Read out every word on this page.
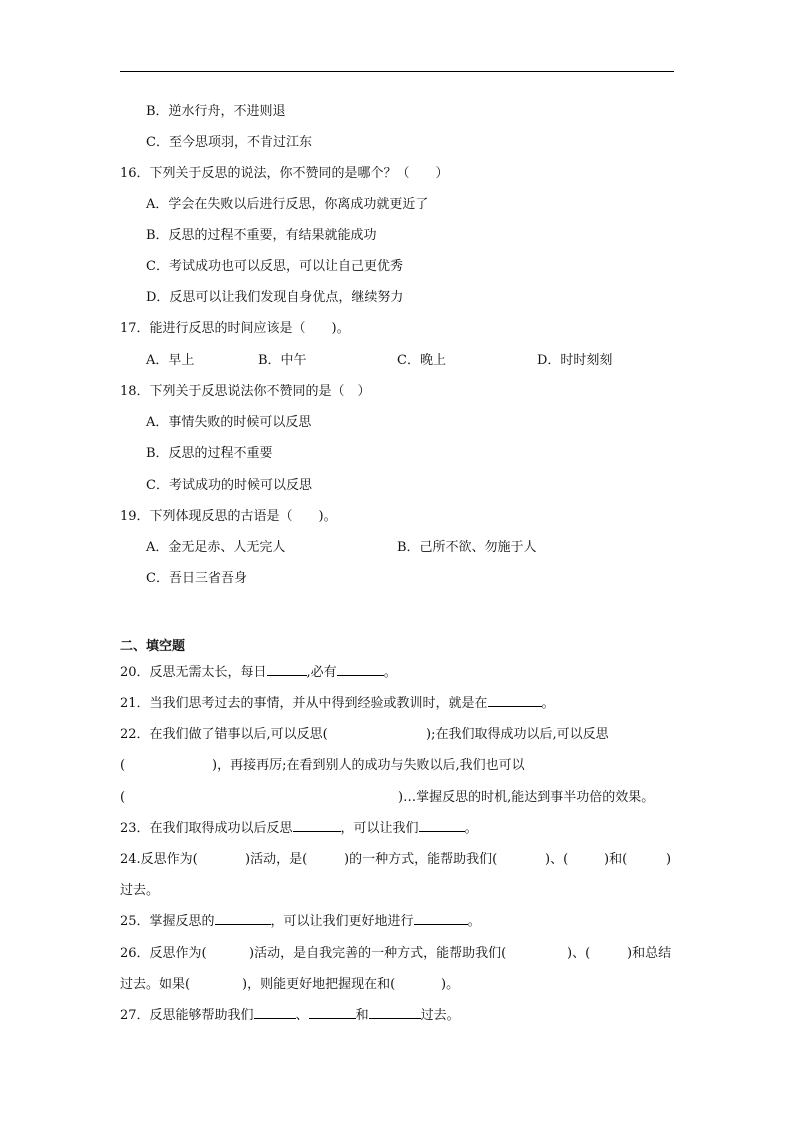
B．逆水行舟，不进则退
C．至今思项羽，不肯过江东
16．下列关于反思的说法，你不赞同的是哪个？（　　）
A．学会在失败以后进行反思，你离成功就更近了
B．反思的过程不重要，有结果就能成功
C．考试成功也可以反思，可以让自己更优秀
D．反思可以让我们发现自身优点，继续努力
17．能进行反思的时间应该是（　　)。
A．早上	B．中午	C．晚上	D．时时刻刻
18．下列关于反思说法你不赞同的是（　）
A．事情失败的时候可以反思
B．反思的过程不重要
C．考试成功的时候可以反思
19．下列体现反思的古语是（　　)。
A．金无足赤、人无完人	B．己所不欲、勿施于人
C．吾日三省吾身
二、填空题
20．反思无需太长，每日	,必有	。
21．当我们思考过去的事情，并从中得到经验或教训时，就是在	。
22．在我们做了错事以后,可以反思(	);在我们取得成功以后,可以反思
(	)，再接再厉;在看到别人的成功与失败以后,我们也可以
(	)…掌握反思的时机,能达到事半功倍的效果。
23．在我们取得成功以后反思	，可以让我们	。
24.反思作为(	)活动，是(	)的一种方式，能帮助我们(	)、(	)和(	)
过去。
25．掌握反思的	，可以让我们更好地进行	。
26．反思作为(	)活动，是自我完善的一种方式，能帮助我们(	)、(	)和总结
过去。如果(	)，则能更好地把握现在和(	)。
27．反思能够帮助我们	、	和	过去。
